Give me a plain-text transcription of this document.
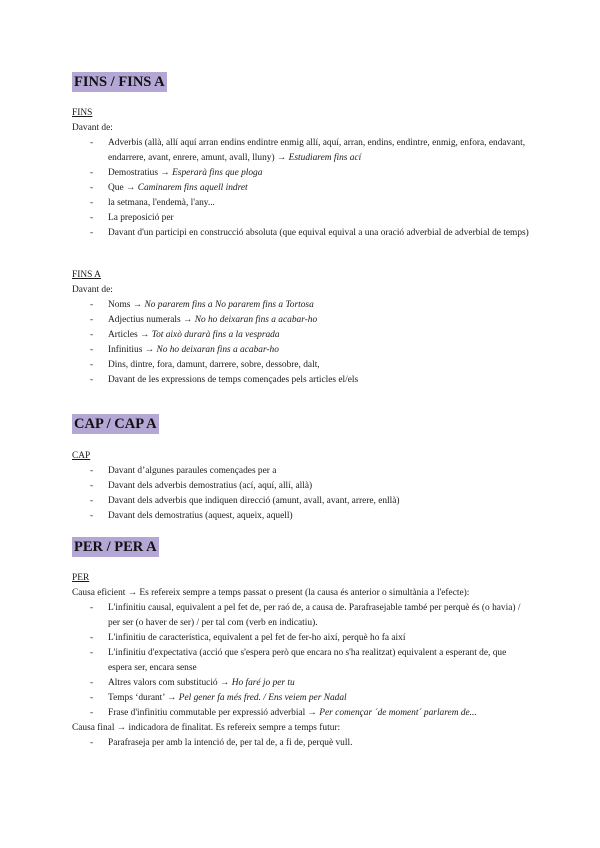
FINS / FINS A
FINS
Davant de:
- Adverbis (allà, allí aquí arran endins endintre enmig allí, aquí, arran, endins, endintre, enmig, enfora, endavant, endarrere, avant, enrere, amunt, avall, lluny) → Estudiarem fins ací
- Demostratius → Esperarà fins que ploga
- Que → Caminarem fins aquell indret
- la setmana, l'endemà, l'any...
- La preposició per
- Davant d'un participi en construcció absoluta (que equival equival a una oració adverbial de adverbial de temps)
FINS A
Davant de:
- Noms → No pararem fins a No pararem fins a Tortosa
- Adjectius numerals → No ho deixaran fins a acabar-ho
- Articles → Tot això durarà fins a la vesprada
- Infinitius → No ho deixaran fins a acabar-ho
- Dins, dintre, fora, damunt, darrere, sobre, dessobre, dalt,
- Davant de les expressions de temps començades pels articles el/els
CAP / CAP A
CAP
- Davant d’algunes paraules començades per a
- Davant dels adverbis demostratius (ací, aquí, allí, allà)
- Davant dels adverbis que indiquen direcció (amunt, avall, avant, arrere, enllà)
- Davant dels demostratius (aquest, aqueix, aquell)
PER / PER A
PER
Causa eficient → Es refereix sempre a temps passat o present (la causa és anterior o simultània a l'efecte):
- L'infinitiu causal, equivalent a pel fet de, per raó de, a causa de. Parafrasejable també per perquè és (o havia) / per ser (o haver de ser) / per tal com (verb en indicatiu).
- L'infinitiu de característica, equivalent a pel fet de fer-ho així, perquè ho fa així
- L'infinitiu d'expectativa (acció que s'espera però que encara no s'ha realitzat) equivalent a esperant de, que espera ser, encara sense
- Altres valors com substitució → Ho faré jo per tu
- Temps ‘durant’ → Pel gener fa més fred. / Ens veiem per Nadal
- Frase d'infinitiu commutable per expressió adverbial → Per començar ´de moment´ parlarem de...
Causa final → indicadora de finalitat. Es refereix sempre a temps futur:
- Parafraseja per amb la intenció de, per tal de, a fi de, perquè vull.
